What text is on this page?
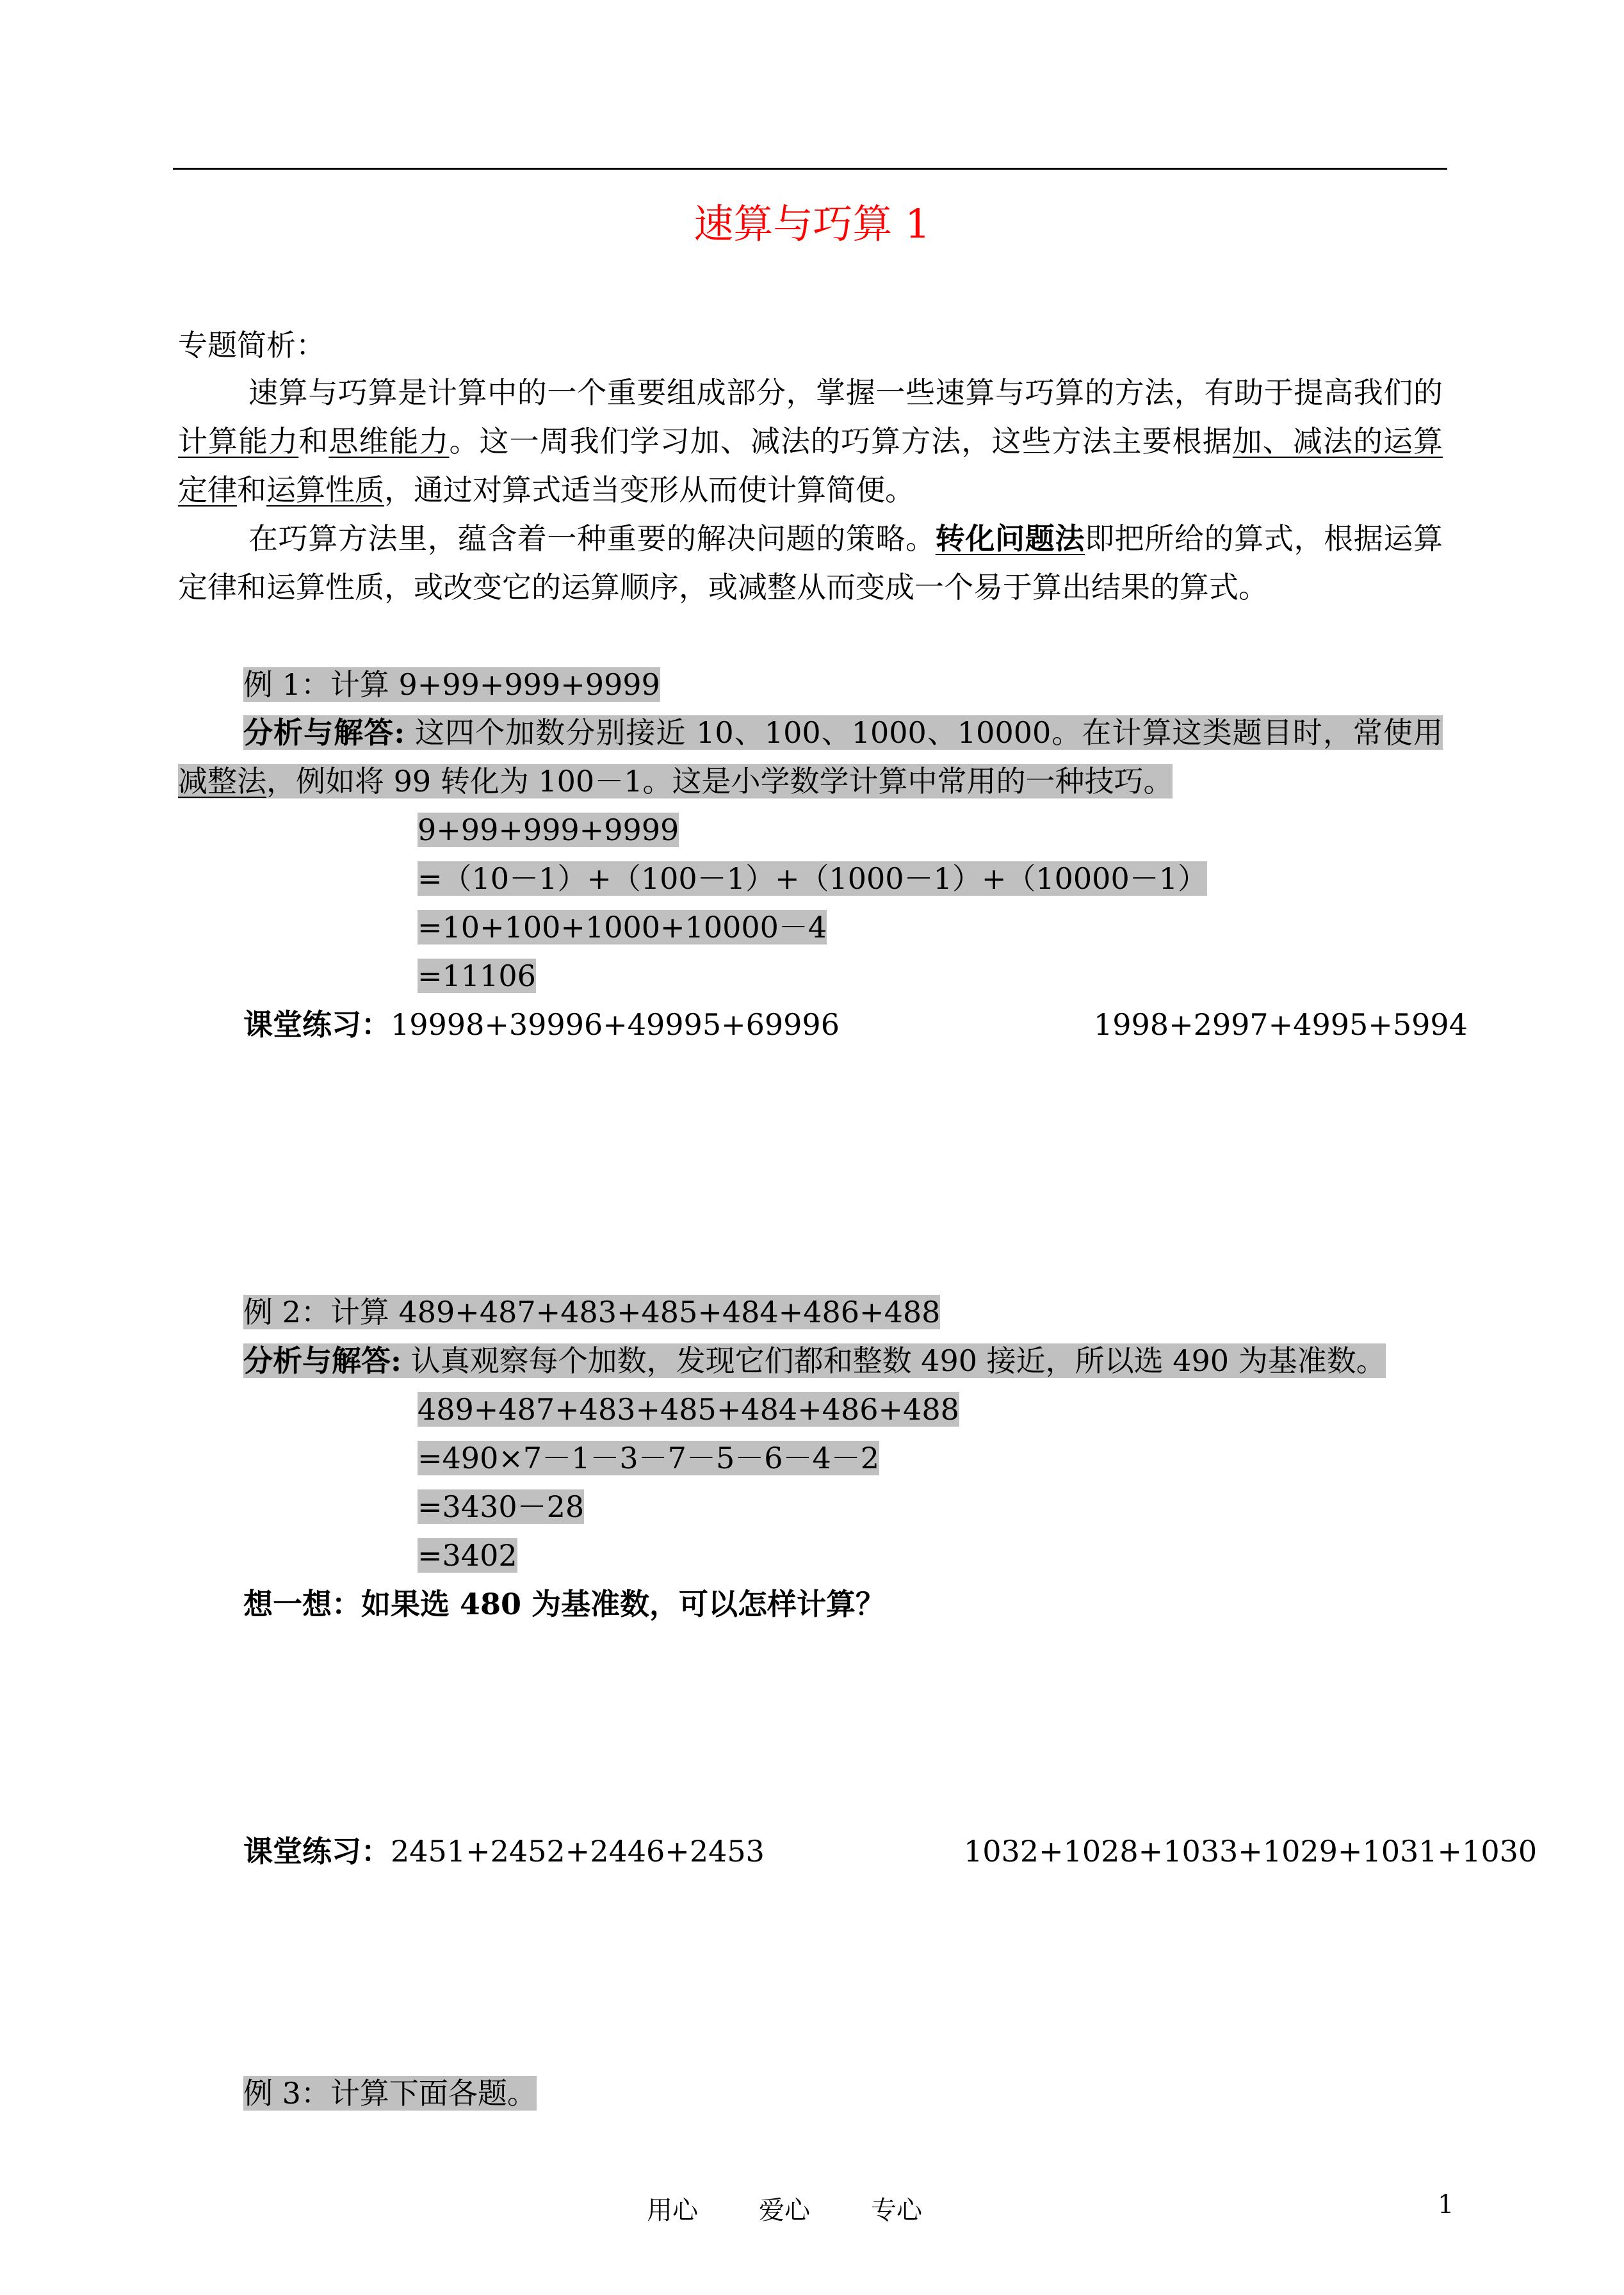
速算与巧算 1
专题简析：
速算与巧算是计算中的一个重要组成部分，掌握一些速算与巧算的方法，有助于提高我们的计算能力和思维能力。这一周我们学习加、减法的巧算方法，这些方法主要根据加、减法的运算定律和运算性质，通过对算式适当变形从而使计算简便。
在巧算方法里，蕴含着一种重要的解决问题的策略。转化问题法即把所给的算式，根据运算定律和运算性质，或改变它的运算顺序，或减整从而变成一个易于算出结果的算式。
例 1：计算 9+99+999+9999
分析与解答: 这四个加数分别接近 10、100、1000、10000。在计算这类题目时，常使用减整法，例如将 99 转化为 100－1。这是小学数学计算中常用的一种技巧。
9+99+999+9999
=（10－1）+（100－1）+（1000－1）+（10000－1）
=10+100+1000+10000－4
=11106
课堂练习：19998+39996+49995+69996	1998+2997+4995+5994
例 2：计算 489+487+483+485+484+486+488
分析与解答: 认真观察每个加数，发现它们都和整数 490 接近，所以选 490 为基准数。
489+487+483+485+484+486+488
=490×7－1－3－7－5－6－4－2
=3430－28
=3402
想一想：如果选 480 为基准数，可以怎样计算？
课堂练习：2451+2452+2446+2453	1032+1028+1033+1029+1031+1030
例 3：计算下面各题。
用心 爱心 专心	1
